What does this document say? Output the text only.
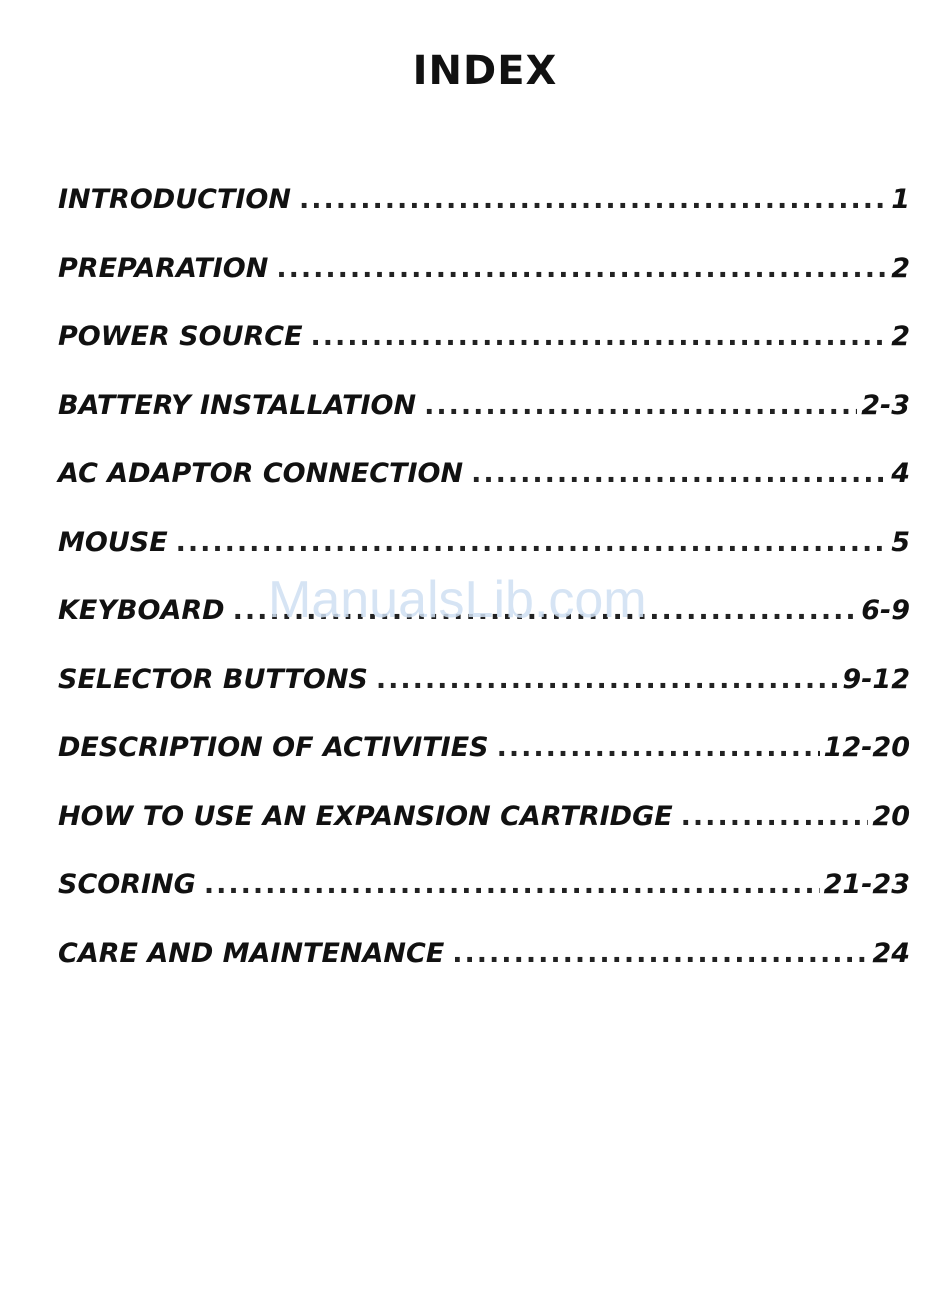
INDEX
INTRODUCTION .....	1
PREPARATION .....	2
POWER SOURCE .....	2
BATTERY INSTALLATION .....	2-3
AC ADAPTOR CONNECTION .....	4
MOUSE .....	5
KEYBOARD .....	6-9
SELECTOR BUTTONS .....	9-12
DESCRIPTION OF ACTIVITIES .....	12-20
HOW TO USE AN EXPANSION CARTRIDGE .....	20
SCORING .....	21-23
CARE AND MAINTENANCE .....	24
ManualsLib.com
